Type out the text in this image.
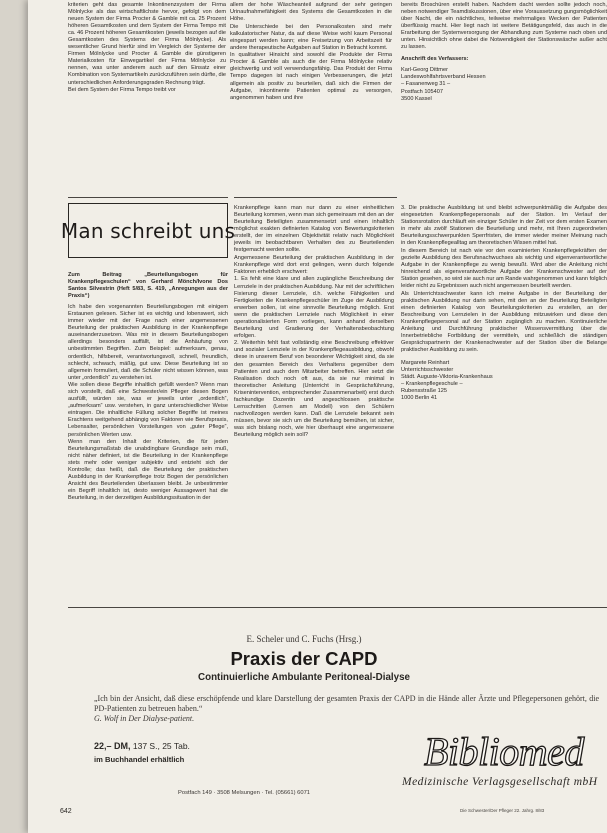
kriterien geht das gesamte Inkontinenzsystem der Firma Mölnlycke als das wirtschaftlichste hervor, gefolgt von dem neuen System der Firma Procter & Gamble mit ca. 25 Prozent höheren Gesamtkosten und dem System der Firma Tempo mit ca. 46 Prozent höheren Gesamtkosten (jeweils bezogen auf die Gesamtkosten des Systems der Firma Mölnlycke). Als wesentlicher Grund hierfür sind im Vergleich der Systeme der Firmen Mölnlycke und Procter & Gamble die günstigeren Materialkosten für Einwegartikel der Firma Mölnlycke zu nennen, was unter anderem auch auf den Einsatz einer Kombination von Systemartikeln zurückzuführen sein dürfte, die unterschiedlichen Anforderungsgraden Rechnung trägt.

Bei dem System der Firma Tempo treibt vor

allem der hohe Wäscheanteil aufgrund der sehr geringen Urinaufnahmefähigkeit des Systems die Gesamtkosten in die Höhe.

Die Unterschiede bei den Personalkosten sind mehr kalkulatorischer Natur, da auf diese Weise wohl kaum Personal eingespart werden kann; eine Freisetzung von Arbeitszeit für andere therapeutische Aufgaben auf Station in Betracht kommt.

In qualitativer Hinsicht sind sowohl die Produkte der Firma Procter & Gamble als auch die der Firma Mölnlycke relativ gleichwertig und voll verwendungsfähig. Das Produkt der Firma Tempo dagegen ist nach einigen Verbesserungen, die jetzt allgemein als positiv zu beurteilen, daß sich die Firmen der Aufgabe, inkontinente Patienten optimal zu versorgen, angenommen haben und ihre

bereits Broschüren erstellt haben. Nachdem dacht werden sollte jedoch noch, neben notwendiger Teamdiskussionen, über eine Voraussetzung gungsmöglichkeit über Nacht, die ein nächtliches, teilweise mehrmaliges Wecken der Patienten überflüssig macht. Hier liegt nach ist weitere Betätigungsfeld, das auch in die Erarbeitung der Systemversorgung der Abhandlung zum Systeme nach oben und unten. Hinsichtlich ohne dabei die Notwendigkeit der Stationswäsche außer acht zu lassen.

Anschrift des Verfassers:
Karl-Georg Dittmer
Landeswohlfahrtsverband Hessen
– Fasanenweg 31 –
Postfach 105407
3500 Kassel
Man schreibt uns

Zum Beitrag „Beurteilungsbogen für Krankenpflegeschulen“ von Gerhard Mönch/Ivone Dos Santos Silvestrin (Heft 5/83, S. 419, „Anregungen aus der Praxis“)

Ich habe den vorgenannten Beurteilungsbogen mit einigem Erstaunen gelesen. Sicher ist es wichtig und lobenswert, sich immer wieder mit der Frage nach einer angemessenen Beurteilung der praktischen Ausbildung in der Krankenpflege auseinanderzusetzen. Was mir in diesem Beurteilungsbogen allerdings besonders auffällt, ist die Anhäufung von unbestimmten Begriffen. Zum Beispiel: aufmerksam, genau, ordentlich, hilfsbereit, verantwortungsvoll, schnell, freundlich, schlecht, schwach, mäßig, gut usw. Diese Beurteilung ist so allgemein formuliert, daß die Schüler nicht wissen können, was unter „ordentlich“ zu verstehen ist.

Wie sollen diese Begriffe inhaltlich gefüllt werden? Wenn man sich vorstellt, daß eine Schwester/ein Pfleger diesen Bogen ausfüllt, würden sie, was er jeweils unter „ordentlich“, „aufmerksam“ usw. verstehen, in ganz unterschiedlicher Weise eintragen. Die inhaltliche Füllung solcher Begriffe ist meines Erachtens weitgehend abhängig von Faktoren wie Berufspraxis, Lebensalter, persönlichen Vorstellungen von „guter Pflege“, persönlichen Werten usw.

Wenn man den Inhalt der Kriterien, die für jeden Beurteilungsmaßstab die unabdingbare Grundlage sein muß, nicht näher definiert, ist die Beurteilung in der Krankenpflege stets mehr oder weniger subjektiv und entzieht sich der Kontrolle; das heißt, daß die Beurteilung der praktischen Ausbildung in der Krankenpflege trotz Bogen der persönlichen Ansicht des Beurteilenden überlassen bleibt. Je unbestimmter ein Begriff inhaltlich ist, desto weniger Aussagewert hat die Beurteilung, in der derzeitigen Ausbildungssituation in der

Krankenpflege kann man nur dann zu einer einheitlichen Beurteilung kommen, wenn man sich gemeinsam mit den an der Beurteilung Beteiligten zusammensetzt und einen inhaltlich möglichst exakten definierten Katalog von Bewertungskriterien erstellt, der im einzelnen Objektivität relativ nach Möglichkeit jeweils im beobachtbaren Verhalten des zu Beurteilenden festgemacht werden sollte.

Angemessene Beurteilung der praktischen Ausbildung in der Krankenpflege wird dort erst gelingen, wenn durch folgende Faktoren erheblich erschwert:

1. Es fehlt eine klare und allen zugängliche Beschreibung der Lernziele in der praktischen Ausbildung. Nur mit der schriftlichen Fixierung dieser Lernziele, d.h. welche Fähigkeiten und Fertigkeiten die Krankenpflegeschüler im Zuge der Ausbildung erwerben sollen, ist eine sinnvolle Beurteilung möglich. Erst wenn die praktischen Lernziele nach Möglichkeit in einer operationalisierten Form vorliegen, kann anhand derselben Beurteilung und Gradierung der Verhaltensbeobachtung erfolgen.

2. Weiterhin fehlt fast vollständig eine Beschreibung effektiver und sozialer Lernziele in der Krankenpflegeausbildung, obwohl diese in unserem Beruf von besonderer Wichtigkeit sind, da sie den gesamten Bereich des Verhaltens gegenüber dem Patienten und auch dem Mitarbeiter betreffen. Hier setzt die Realisation doch noch oft aus, da sie nur minimal in theoretischer Anleitung (Unterricht in Gesprächsführung, Krisenintervention, entsprechender Zusammenarbeit) erst durch fachkundige Dozentin und angeschlossen praktische Lernschritten (Lernen am Modell) von den Schülern nachvollzogen werden kann. Daß die Lernziele bekannt sein müssen, bevor sie sich um die Beurteilung bemühen, ist sicher, was sich bislang noch, wie hier überhaupt eine angemessene Beurteilung möglich sein soll?

3. Die praktische Ausbildung ist und bleibt schwerpunktmäßig die Aufgabe des eingesetzten Krankenpflegepersonals auf der Station. Im Verlauf der Stationsrotation durchläuft ein einziger Schüler in der Zeit vor dem ersten Examen in mehr als zwölf Stationen die Beurteilung und mehr, mit Ihren zugeordneten Beurteilungsschwerpunkten Sperrfristen, die immer wieder meiner Meinung nach in den Krankenpflegealltag am theoretischen Wissen mittel hat.

In diesem Bereich ist nach wie vor den examinierten Krankenpflegekräften der gezielte Ausbildung des Berufsnachwuchses als wichtig und eigenverantwortliche Aufgabe in der Krankenpflege zu wenig bewußt. Wird aber die Anleitung nicht hinreichend als eigenverantwortliche Aufgabe der Krankenschwester auf der Station gesehen, so wird sie auch nur am Rande wahrgenommen und kann folglich leider nicht zu Ergebnissen auch nicht angemessen beurteilt werden.

Als Unterrichtsschwester kann ich meine Aufgabe in der Beurteilung der praktischen Ausbildung nur darin sehen, mit den an der Beurteilung Beteiligten einen definierten Katalog von Beurteilungskriterien zu erstellen, an der Beschreibung von Lernzielen in der Ausbildung mitzuwirken und diese den Krankenpflegepersonal auf der Station zugänglich zu machen. Kontinuierliche Anleitung und Durchführung praktischer Wissensvermittlung über die Innerbetriebliche Fortbildung der vermitteln, und schließlich die ständigen Gesprächspartnerin der Krankenschwester auf der Station über die Belange praktischer Ausbildung zu sein.

Margarete Reinhart
Unterrichtsschwester
Städt. Auguste-Viktoria-Krankenhaus
– Krankenpflegeschule –
Rubensstraße 125
1000 Berlin 41
E. Scheler und C. Fuchs (Hrsg.)
Praxis der CAPD
Continuierliche Ambulante Peritoneal-Dialyse
„Ich bin der Ansicht, daß diese erschöpfende und klare Darstellung der gesamten Praxis der CAPD in die Hände aller Ärzte und Pflegepersonen gehört, die PD-Patienten zu betreuen haben.“
G. Wolf in Der Dialyse-patient.
22,– DM, 137 S., 25 Tab.
im Buchhandel erhältlich	Bibliomed
Medizinische Verlagsgesellschaft mbH
Postfach 149 · 3508 Melsungen · Tel. (05661) 6071
642	Die Schwester/Der Pfleger 22. Jahrg. 8/83
